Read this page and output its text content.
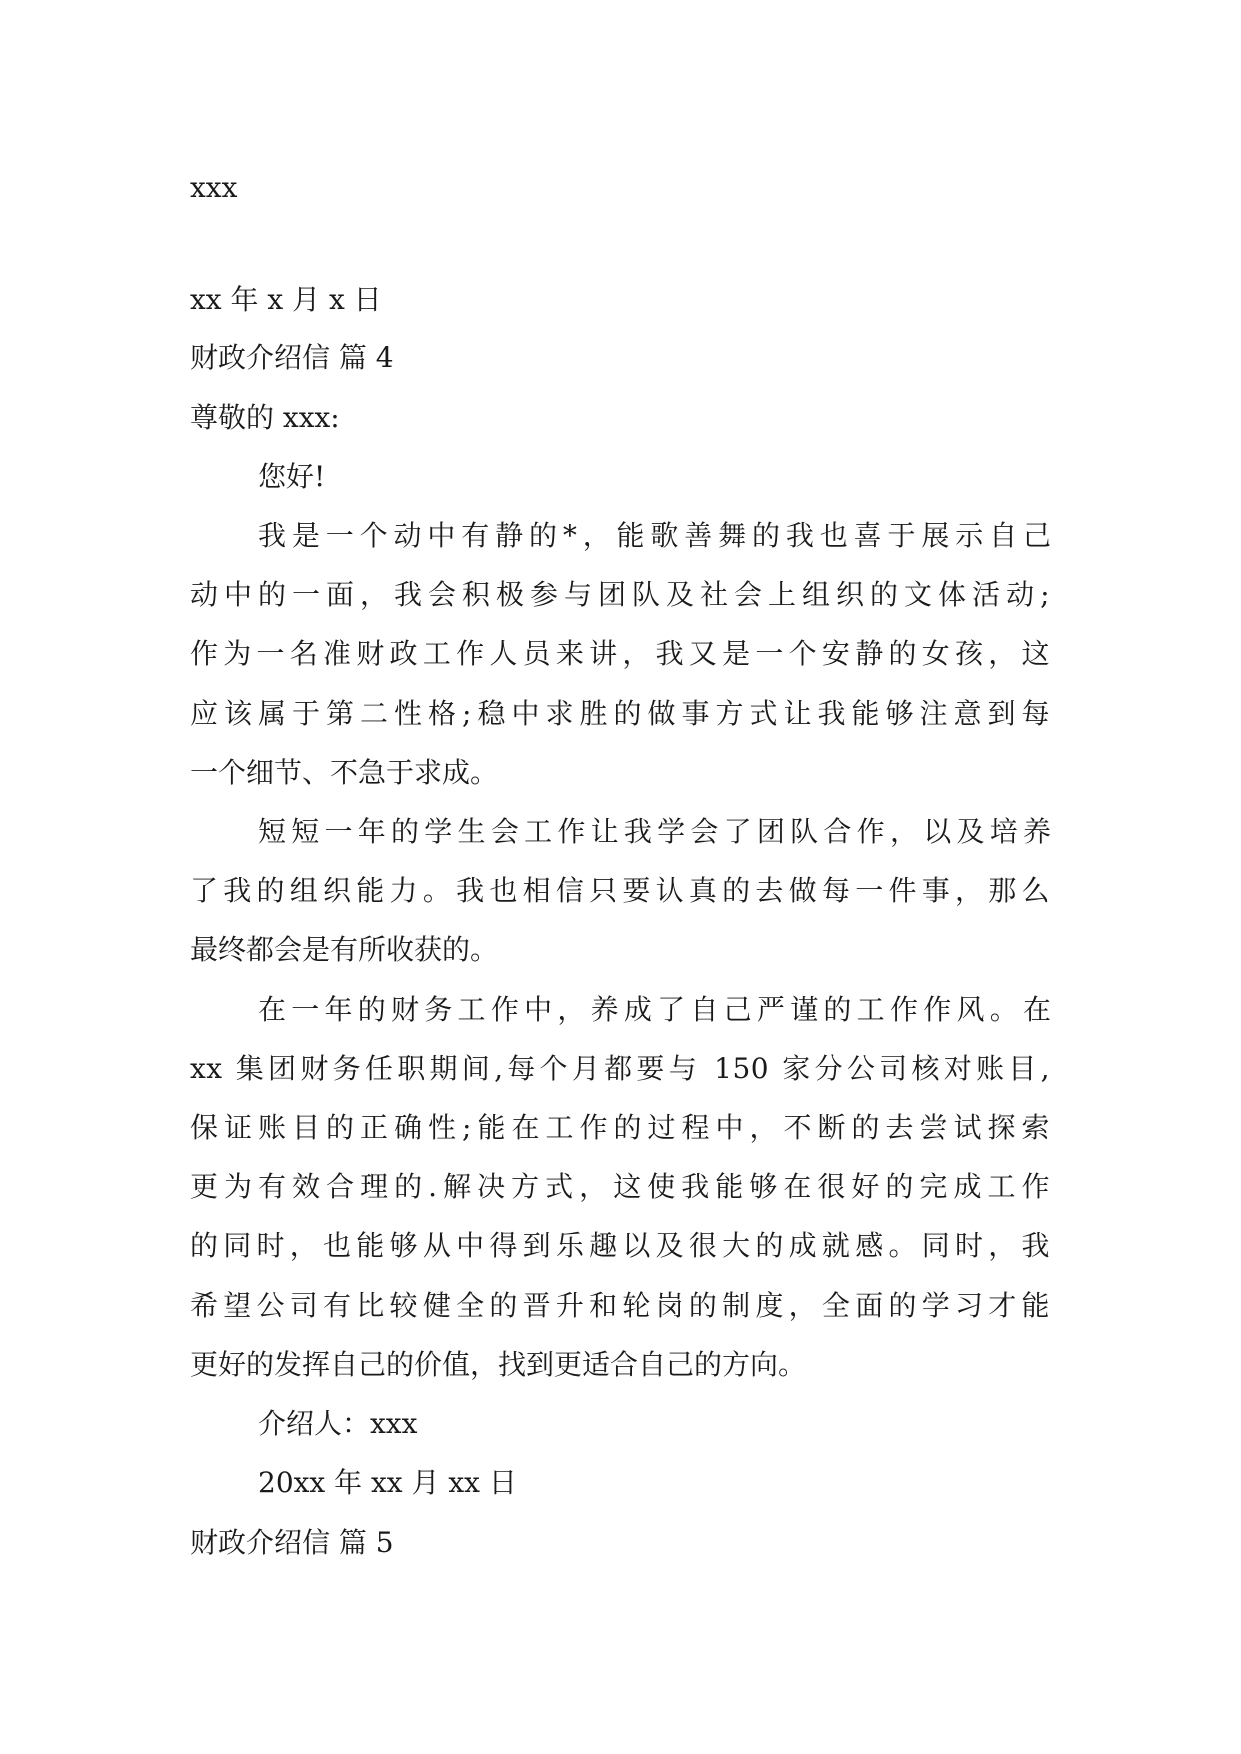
xxx
xx 年 x 月 x 日
财政介绍信 篇 4
尊敬的 xxx:
您好!
我是一个动中有静的*，能歌善舞的我也喜于展示自己
动中的一面，我会积极参与团队及社会上组织的文体活动;
作为一名准财政工作人员来讲，我又是一个安静的女孩，这
应该属于第二性格;稳中求胜的做事方式让我能够注意到每
一个细节、不急于求成。
短短一年的学生会工作让我学会了团队合作，以及培养
了我的组织能力。我也相信只要认真的去做每一件事，那么
最终都会是有所收获的。
在一年的财务工作中，养成了自己严谨的工作作风。在
xx 集团财务任职期间,每个月都要与 150 家分公司核对账目,
保证账目的正确性;能在工作的过程中，不断的去尝试探索
更为有效合理的.解决方式，这使我能够在很好的完成工作
的同时，也能够从中得到乐趣以及很大的成就感。同时，我
希望公司有比较健全的晋升和轮岗的制度，全面的学习才能
更好的发挥自己的价值，找到更适合自己的方向。
介绍人：xxx
20xx 年 xx 月 xx 日
财政介绍信 篇 5
